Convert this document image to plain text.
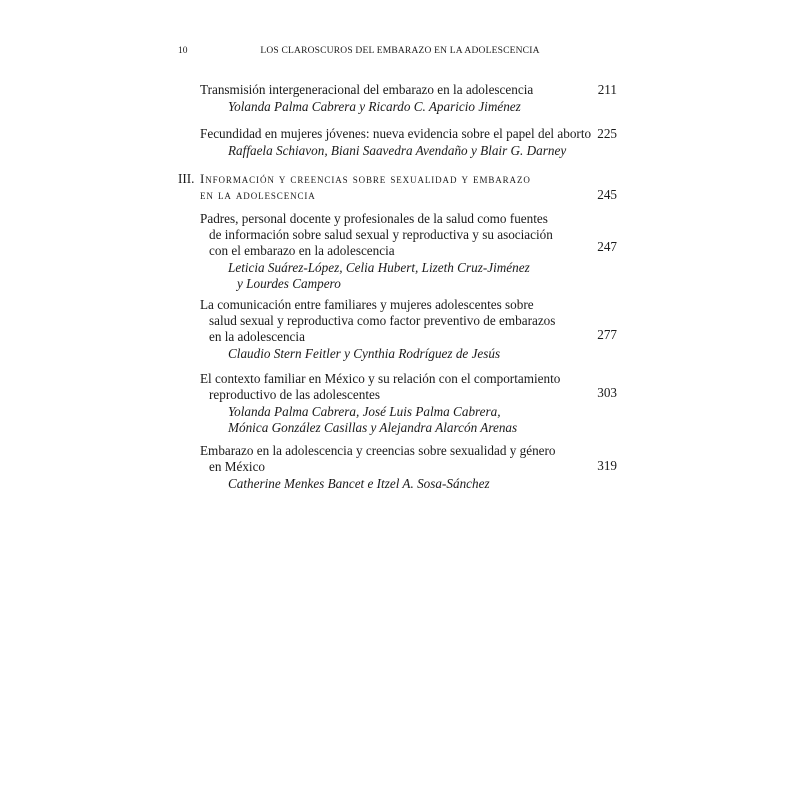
10	LOS CLAROSCUROS DEL EMBARAZO EN LA ADOLESCENCIA
Transmisión intergeneracional del embarazo en la adolescencia
Yolanda Palma Cabrera y Ricardo C. Aparicio Jiménez
211
Fecundidad en mujeres jóvenes: nueva evidencia sobre el papel del aborto
Raffaela Schiavon, Biani Saavedra Avendaño y Blair G. Darney
225
III. Información y creencias sobre sexualidad y embarazo
en la adolescencia	245
Padres, personal docente y profesionales de la salud como fuentes
de información sobre salud sexual y reproductiva y su asociación
con el embarazo en la adolescencia
Leticia Suárez-López, Celia Hubert, Lizeth Cruz-Jiménez
y Lourdes Campero
247
La comunicación entre familiares y mujeres adolescentes sobre
salud sexual y reproductiva como factor preventivo de embarazos
en la adolescencia
Claudio Stern Feitler y Cynthia Rodríguez de Jesús
277
El contexto familiar en México y su relación con el comportamiento
reproductivo de las adolescentes
Yolanda Palma Cabrera, José Luis Palma Cabrera,
Mónica González Casillas y Alejandra Alarcón Arenas
303
Embarazo en la adolescencia y creencias sobre sexualidad y género
en México
Catherine Menkes Bancet e Itzel A. Sosa-Sánchez
319
